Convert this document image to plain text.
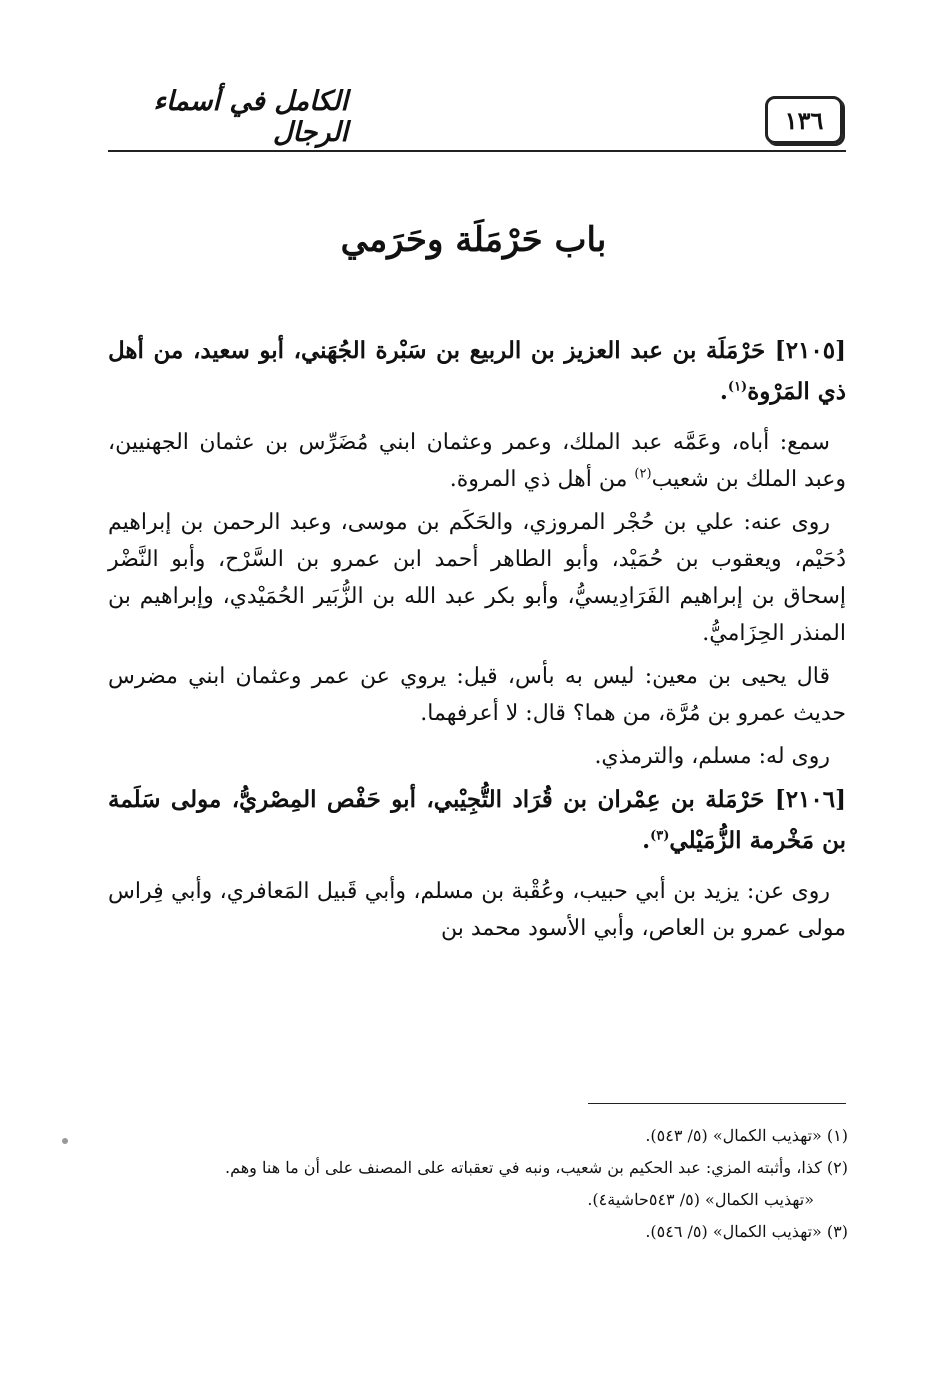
١٣٦
الكامل في أسماء الرجال
باب حَرْمَلَة وحَرَمي
[٢١٠٥] حَرْمَلَة بن عبد العزيز بن الربيع بن سَبْرة الجُهَني، أبو سعيد، من أهل ذي المَرْوة$^{(١)}$.

سمع: أباه، وعَمَّه عبد الملك، وعمر وعثمان ابني مُضَرِّس بن عثمان الجهنيين، وعبد الملك بن شعيب$^{(٢)}$ من أهل ذي المروة.

روى عنه: علي بن حُجْر المروزي، والحَكَم بن موسى، وعبد الرحمن بن إبراهيم دُحَيْم، ويعقوب بن حُمَيْد، وأبو الطاهر أحمد ابن عمرو بن السَّرْح، وأبو النَّضْر إسحاق بن إبراهيم الفَرَادِيسيُّ، وأبو بكر عبد الله بن الزُّبَير الحُمَيْدي، وإبراهيم بن المنذر الحِزَاميُّ.

قال يحيى بن معين: ليس به بأس، قيل: يروي عن عمر وعثمان ابني مضرس حديث عمرو بن مُرَّة، من هما؟ قال: لا أعرفهما.

روى له: مسلم، والترمذي.

[٢١٠٦] حَرْمَلة بن عِمْران بن قُرَاد التُّجِيْبي، أبو حَفْص المِصْريُّ، مولى سَلَمة بن مَخْرمة الزُّمَيْلي$^{(٣)}$.

روى عن: يزيد بن أبي حبيب، وعُقْبة بن مسلم، وأبي قَبيل المَعافري، وأبي فِراس مولى عمرو بن العاص، وأبي الأسود محمد بن

(١) «تهذيب الكمال» (٥/ ٥٤٣).

(٢) كذا، وأثبته المزي: عبد الحكيم بن شعيب، ونبه في تعقباته على المصنف على أن ما هنا وهم.
«تهذيب الكمال» (٥/ ٥٤٣حاشية٤).

(٣) «تهذيب الكمال» (٥/ ٥٤٦).
